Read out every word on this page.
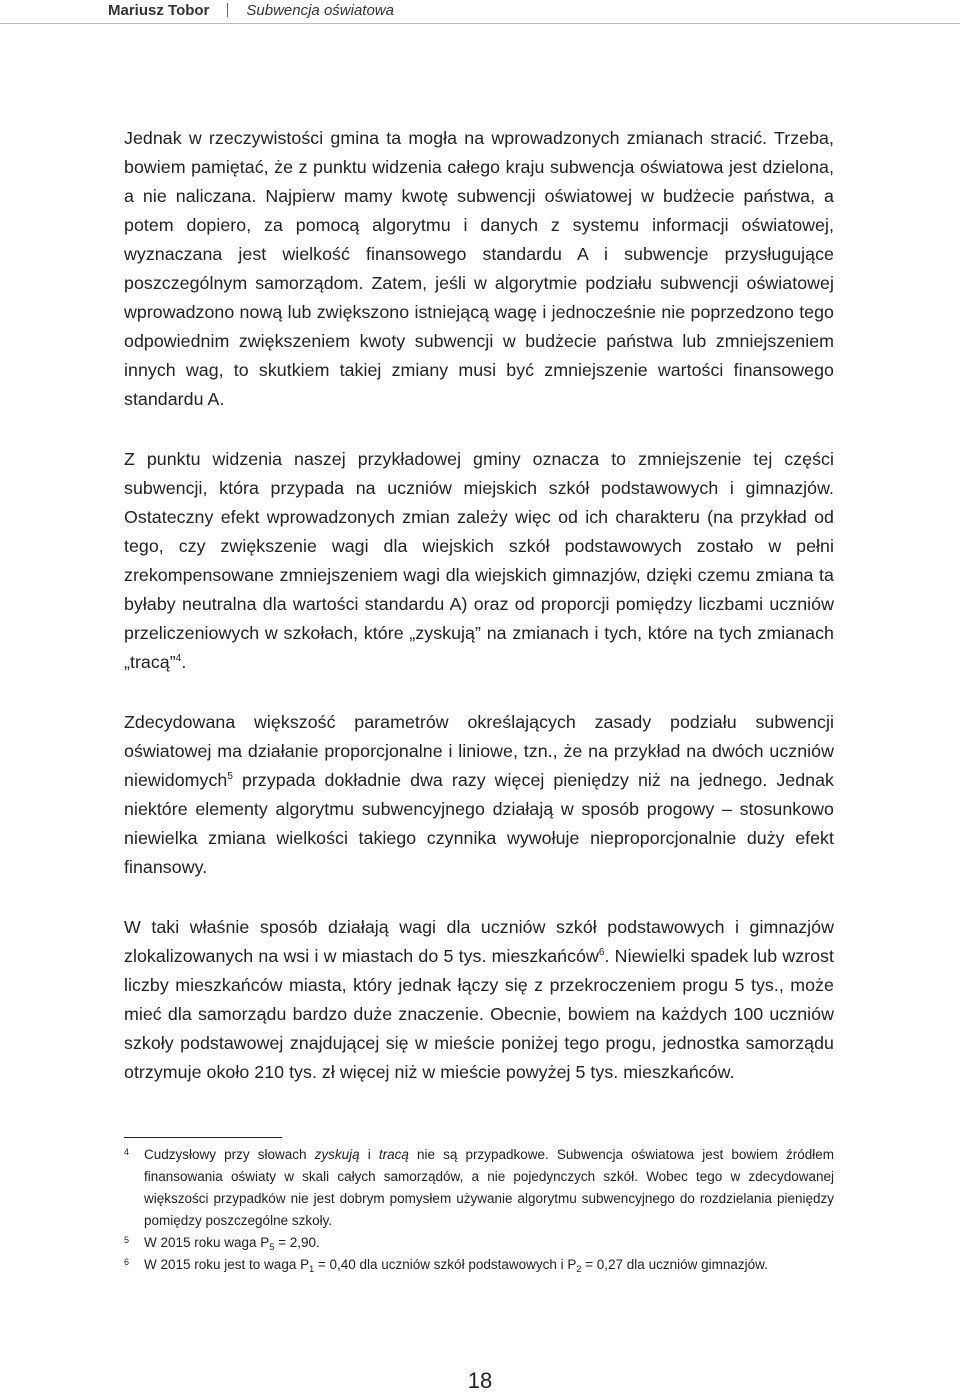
Mariusz Tobor Subwencja oświatowa

Jednak w rzeczywistości gmina ta mogła na wprowadzonych zmianach stracić. Trzeba, bowiem pamiętać, że z punktu widzenia całego kraju subwencja oświatowa jest dzielona, a nie naliczana. Najpierw mamy kwotę subwencji oświatowej w budżecie państwa, a potem dopiero, za pomocą algorytmu i danych z systemu informacji oświatowej, wyznaczana jest wielkość finansowego standardu A i subwencje przysługujące poszczególnym samorządom. Zatem, jeśli w algorytmie podziału subwencji oświatowej wprowadzono nową lub zwiększono istniejącą wagę i jednocześnie nie poprzedzono tego odpowiednim zwiększeniem kwoty subwencji w budżecie państwa lub zmniejszeniem innych wag, to skutkiem takiej zmiany musi być zmniejszenie wartości finansowego standardu A.

Z punktu widzenia naszej przykładowej gminy oznacza to zmniejszenie tej części subwencji, która przypada na uczniów miejskich szkół podstawowych i gimnazjów. Ostateczny efekt wprowadzonych zmian zależy więc od ich charakteru (na przykład od tego, czy zwiększenie wagi dla wiejskich szkół podstawowych zostało w pełni zrekompensowane zmniejszeniem wagi dla wiejskich gimnazjów, dzięki czemu zmiana ta byłaby neutralna dla wartości standardu A) oraz od proporcji pomiędzy liczbami uczniów przeliczeniowych w szkołach, które „zyskują” na zmianach i tych, które na tych zmianach „tracą”$^4$.

Zdecydowana większość parametrów określających zasady podziału subwencji oświatowej ma działanie proporcjonalne i liniowe, tzn., że na przykład na dwóch uczniów niewidomych$^5$ przypada dokładnie dwa razy więcej pieniędzy niż na jednego. Jednak niektóre elementy algorytmu subwencyjnego działają w sposób progowy – stosunkowo niewielka zmiana wielkości takiego czynnika wywołuje nieproporcjonalnie duży efekt finansowy.

W taki właśnie sposób działają wagi dla uczniów szkół podstawowych i gimnazjów zlokalizowanych na wsi i w miastach do 5 tys. mieszkańców$^6$. Niewielki spadek lub wzrost liczby mieszkańców miasta, który jednak łączy się z przekroczeniem progu 5 tys., może mieć dla samorządu bardzo duże znaczenie. Obecnie, bowiem na każdych 100 uczniów szkoły podstawowej znajdującej się w mieście poniżej tego progu, jednostka samorządu otrzymuje około 210 tys. zł więcej niż w mieście powyżej 5 tys. mieszkańców.

4 Cudzysłowy przy słowach zyskują i tracą nie są przypadkowe. Subwencja oświatowa jest bowiem źródłem finansowania oświaty w skali całych samorządów, a nie pojedynczych szkół. Wobec tego w zdecydowanej większości przypadków nie jest dobrym pomysłem używanie algorytmu subwencyjnego do rozdzielania pieniędzy pomiędzy poszczególne szkoły.
5 W 2015 roku waga $P_5 = 2,90$.
6 W 2015 roku jest to waga $P_1 = 0,40$ dla uczniów szkół podstawowych i $P_2 = 0,27$ dla uczniów gimnazjów.
18
